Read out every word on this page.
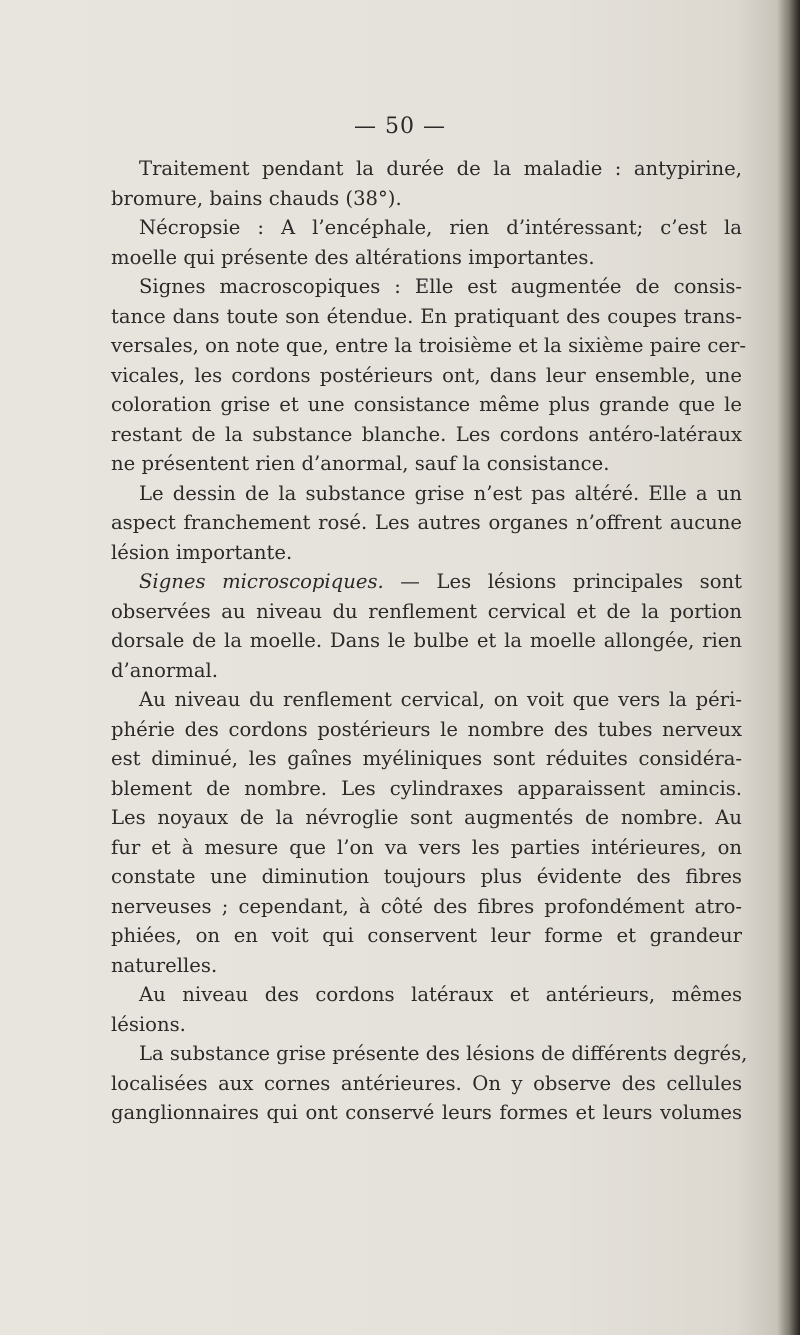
— 50 —
Traitement pendant la durée de la maladie : antypirine,
bromure, bains chauds (38°).
Nécropsie : A l’encéphale, rien d’intéressant; c’est la
moelle qui présente des altérations importantes.
Signes macroscopiques : Elle est augmentée de consis-
tance dans toute son étendue. En pratiquant des coupes trans-
versales, on note que, entre la troisième et la sixième paire cer-
vicales, les cordons postérieurs ont, dans leur ensemble, une
coloration grise et une consistance même plus grande que le
restant de la substance blanche. Les cordons antéro-latéraux
ne présentent rien d’anormal, sauf la consistance.
Le dessin de la substance grise n’est pas altéré. Elle a un
aspect franchement rosé. Les autres organes n’offrent aucune
lésion importante.
Signes microscopiques. — Les lésions principales sont
observées au niveau du renflement cervical et de la portion
dorsale de la moelle. Dans le bulbe et la moelle allongée, rien
d’anormal.
Au niveau du renflement cervical, on voit que vers la péri-
phérie des cordons postérieurs le nombre des tubes nerveux
est diminué, les gaînes myéliniques sont réduites considéra-
blement de nombre. Les cylindraxes apparaissent amincis.
Les noyaux de la névroglie sont augmentés de nombre. Au
fur et à mesure que l’on va vers les parties intérieures, on
constate une diminution toujours plus évidente des fibres
nerveuses ; cependant, à côté des fibres profondément atro-
phiées, on en voit qui conservent leur forme et grandeur
naturelles.
Au niveau des cordons latéraux et antérieurs, mêmes
lésions.
La substance grise présente des lésions de différents degrés,
localisées aux cornes antérieures. On y observe des cellules
ganglionnaires qui ont conservé leurs formes et leurs volumes
